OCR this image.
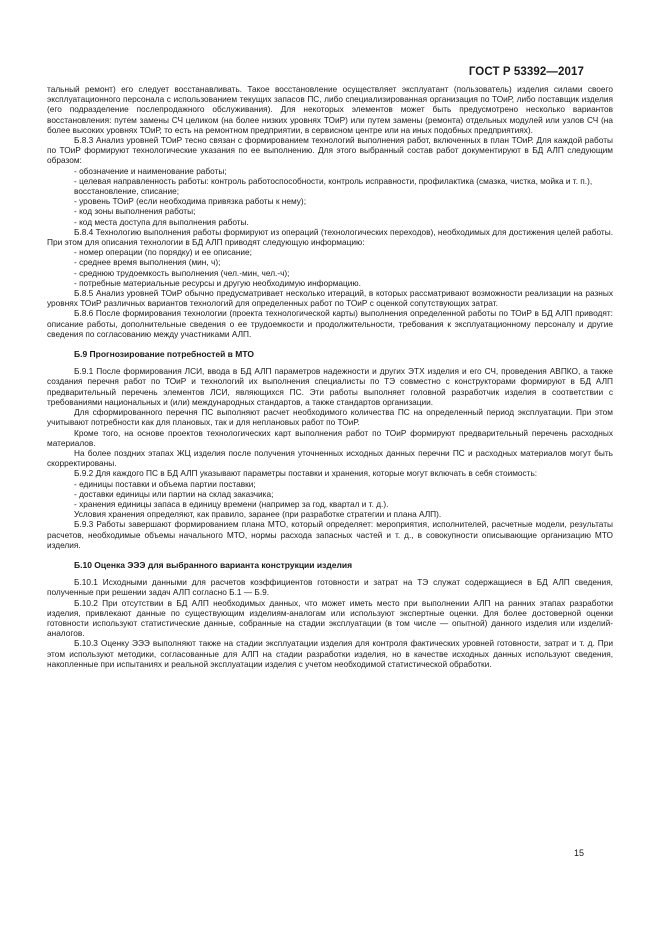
ГОСТ Р 53392—2017

тальный ремонт) его следует восстанавливать. Такое восстановление осуществляет эксплуатант (пользователь) изделия силами своего эксплуатационного персонала с использованием текущих запасов ПС, либо специализированная организация по ТОиР, либо поставщик изделия (его подразделение послепродажного обслуживания). Для некоторых элементов может быть предусмотрено несколько вариантов восстановления: путем замены СЧ целиком (на более низких уровнях ТОиР) или путем замены (ремонта) отдельных модулей или узлов СЧ (на более высоких уровнях ТОиР, то есть на ремонтном предприятии, в сервисном центре или на иных подобных предприятиях).

Б.8.3 Анализ уровней ТОиР тесно связан с формированием технологий выполнения работ, включенных в план ТОиР. Для каждой работы по ТОиР формируют технологические указания по ее выполнению. Для этого выбранный состав работ документируют в БД АЛП следующим образом:

- обозначение и наименование работы;

- целевая направленность работы: контроль работоспособности, контроль исправности, профилактика (смазка, чистка, мойка и т. п.), восстановление, списание;

- уровень ТОиР (если необходима привязка работы к нему);

- код зоны выполнения работы;

- код места доступа для выполнения работы.

Б.8.4 Технологию выполнения работы формируют из операций (технологических переходов), необходимых для достижения целей работы. При этом для описания технологии в БД АЛП приводят следующую информацию:

- номер операции (по порядку) и ее описание;

- среднее время выполнения (мин, ч);

- среднюю трудоемкость выполнения (чел.-мин, чел.-ч);

- потребные материальные ресурсы и другую необходимую информацию.

Б.8.5 Анализ уровней ТОиР обычно предусматривает несколько итераций, в которых рассматривают возможности реализации на разных уровнях ТОиР различных вариантов технологий для определенных работ по ТОиР с оценкой сопутствующих затрат.

Б.8.6 После формирования технологии (проекта технологической карты) выполнения определенной работы по ТОиР в БД АЛП приводят: описание работы, дополнительные сведения о ее трудоемкости и продолжительности, требования к эксплуатационному персоналу и другие сведения по согласованию между участниками АЛП.

Б.9 Прогнозирование потребностей в МТО

Б.9.1 После формирования ЛСИ, ввода в БД АЛП параметров надежности и других ЭТХ изделия и его СЧ, проведения АВПКО, а также создания перечня работ по ТОиР и технологий их выполнения специалисты по ТЭ совместно с конструкторами формируют в БД АЛП предварительный перечень элементов ЛСИ, являющихся ПС. Эти работы выполняет головной разработчик изделия в соответствии с требованиями национальных и (или) международных стандартов, а также стандартов организации.

Для сформированного перечня ПС выполняют расчет необходимого количества ПС на определенный период эксплуатации. При этом учитывают потребности как для плановых, так и для неплановых работ по ТОиР.

Кроме того, на основе проектов технологических карт выполнения работ по ТОиР формируют предварительный перечень расходных материалов.

На более поздних этапах ЖЦ изделия после получения уточненных исходных данных перечни ПС и расходных материалов могут быть скорректированы.

Б.9.2 Для каждого ПС в БД АЛП указывают параметры поставки и хранения, которые могут включать в себя стоимость:

- единицы поставки и объема партии поставки;

- доставки единицы или партии на склад заказчика;

- хранения единицы запаса в единицу времени (например за год, квартал и т. д.).

Условия хранения определяют, как правило, заранее (при разработке стратегии и плана АЛП).

Б.9.3 Работы завершают формированием плана МТО, который определяет: мероприятия, исполнителей, расчетные модели, результаты расчетов, необходимые объемы начального МТО, нормы расхода запасных частей и т. д., в совокупности описывающие организацию МТО изделия.

Б.10 Оценка ЭЭЭ для выбранного варианта конструкции изделия

Б.10.1 Исходными данными для расчетов коэффициентов готовности и затрат на ТЭ служат содержащиеся в БД АЛП сведения, полученные при решении задач АЛП согласно Б.1 — Б.9.

Б.10.2 При отсутствии в БД АЛП необходимых данных, что может иметь место при выполнении АЛП на ранних этапах разработки изделия, привлекают данные по существующим изделиям-аналогам или используют экспертные оценки. Для более достоверной оценки готовности используют статистические данные, собранные на стадии эксплуатации (в том числе — опытной) данного изделия или изделий-аналогов.

Б.10.3 Оценку ЭЭЭ выполняют также на стадии эксплуатации изделия для контроля фактических уровней готовности, затрат и т. д. При этом используют методики, согласованные для АЛП на стадии разработки изделия, но в качестве исходных данных используют сведения, накопленные при испытаниях и реальной эксплуатации изделия с учетом необходимой статистической обработки.

15
